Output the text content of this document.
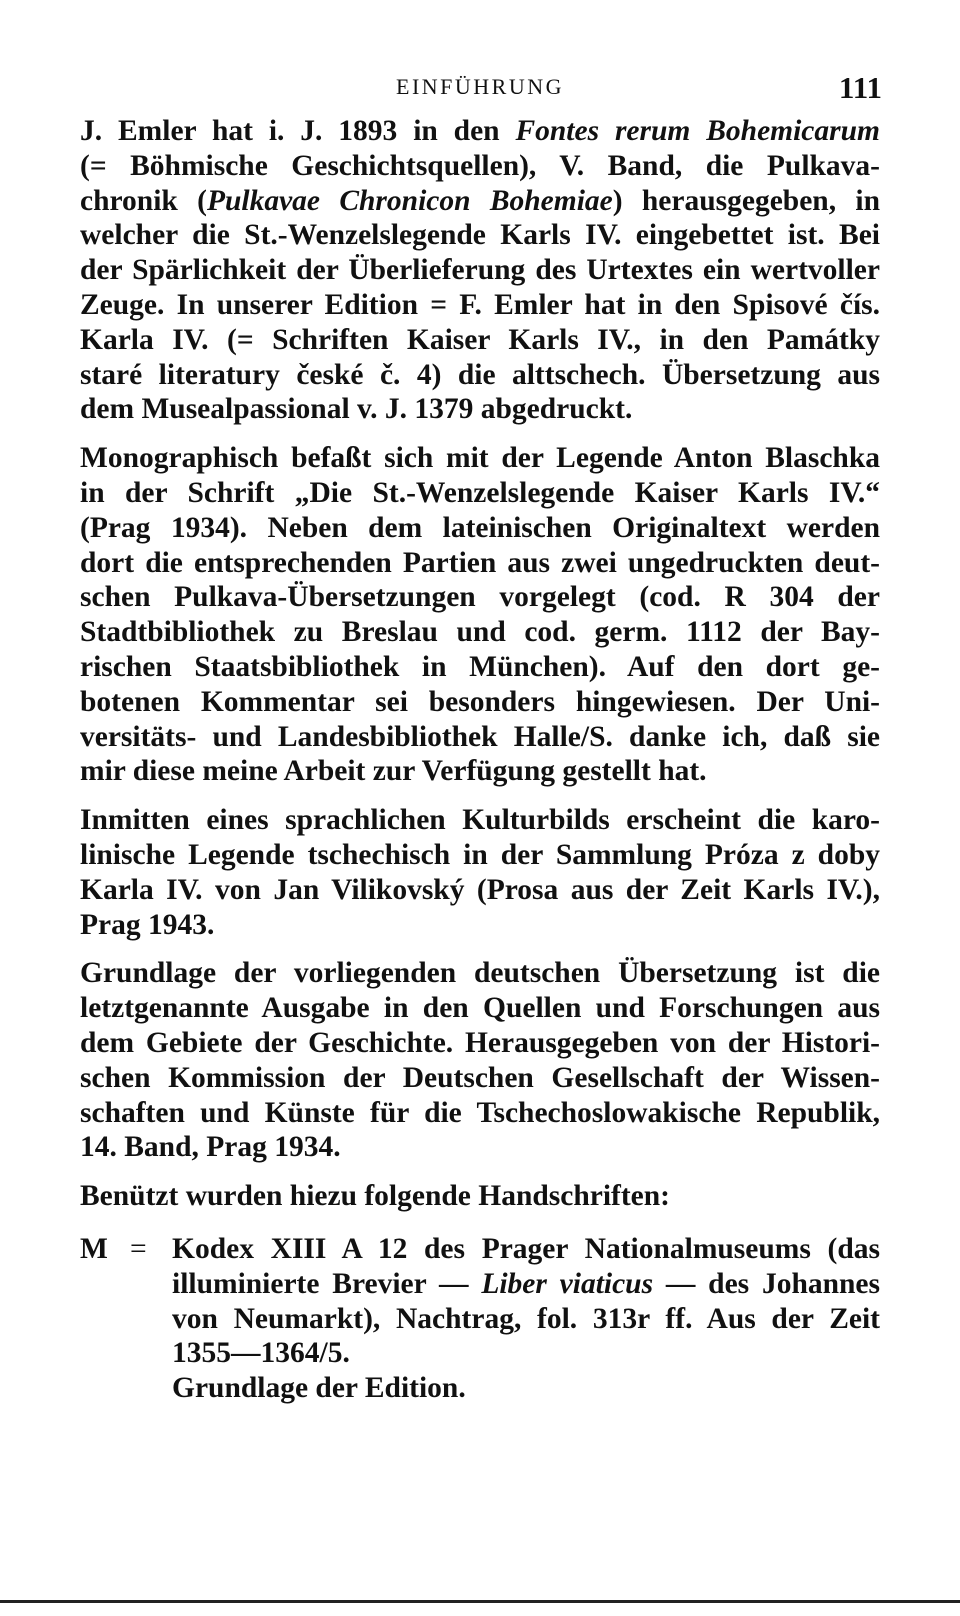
EINFÜHRUNG	111

J. Emler hat i. J. 1893 in den Fontes rerum Bohemicarum
(= Böhmische Geschichtsquellen), V. Band, die Pulkava-
chronik (Pulkavae Chronicon Bohemiae) herausgegeben, in
welcher die St.-Wenzelslegende Karls IV. eingebettet ist. Bei
der Spärlichkeit der Überlieferung des Urtextes ein wertvoller
Zeuge. In unserer Edition = F. Emler hat in den Spisové čís.
Karla IV. (= Schriften Kaiser Karls IV., in den Památky
staré literatury české č. 4) die alttschech. Übersetzung aus
dem Musealpassional v. J. 1379 abgedruckt.

Monographisch befaßt sich mit der Legende Anton Blaschka
in der Schrift „Die St.-Wenzelslegende Kaiser Karls IV.“
(Prag 1934). Neben dem lateinischen Originaltext werden
dort die entsprechenden Partien aus zwei ungedruckten deut-
schen Pulkava-Übersetzungen vorgelegt (cod. R 304 der
Stadtbibliothek zu Breslau und cod. germ. 1112 der Bay-
rischen Staatsbibliothek in München). Auf den dort ge-
botenen Kommentar sei besonders hingewiesen. Der Uni-
versitäts- und Landesbibliothek Halle/S. danke ich, daß sie
mir diese meine Arbeit zur Verfügung gestellt hat.

Inmitten eines sprachlichen Kulturbilds erscheint die karo-
linische Legende tschechisch in der Sammlung Próza z doby
Karla IV. von Jan Vilikovský (Prosa aus der Zeit Karls IV.),
Prag 1943.

Grundlage der vorliegenden deutschen Übersetzung ist die
letztgenannte Ausgabe in den Quellen und Forschungen aus
dem Gebiete der Geschichte. Herausgegeben von der Histori-
schen Kommission der Deutschen Gesellschaft der Wissen-
schaften und Künste für die Tschechoslowakische Republik,
14. Band, Prag 1934.

Benützt wurden hiezu folgende Handschriften:

M = Kodex XIII A 12 des Prager Nationalmuseums (das
illuminierte Brevier — Liber viaticus — des Johannes
von Neumarkt), Nachtrag, fol. 313r ff. Aus der Zeit
1355—1364/5.
Grundlage der Edition.
